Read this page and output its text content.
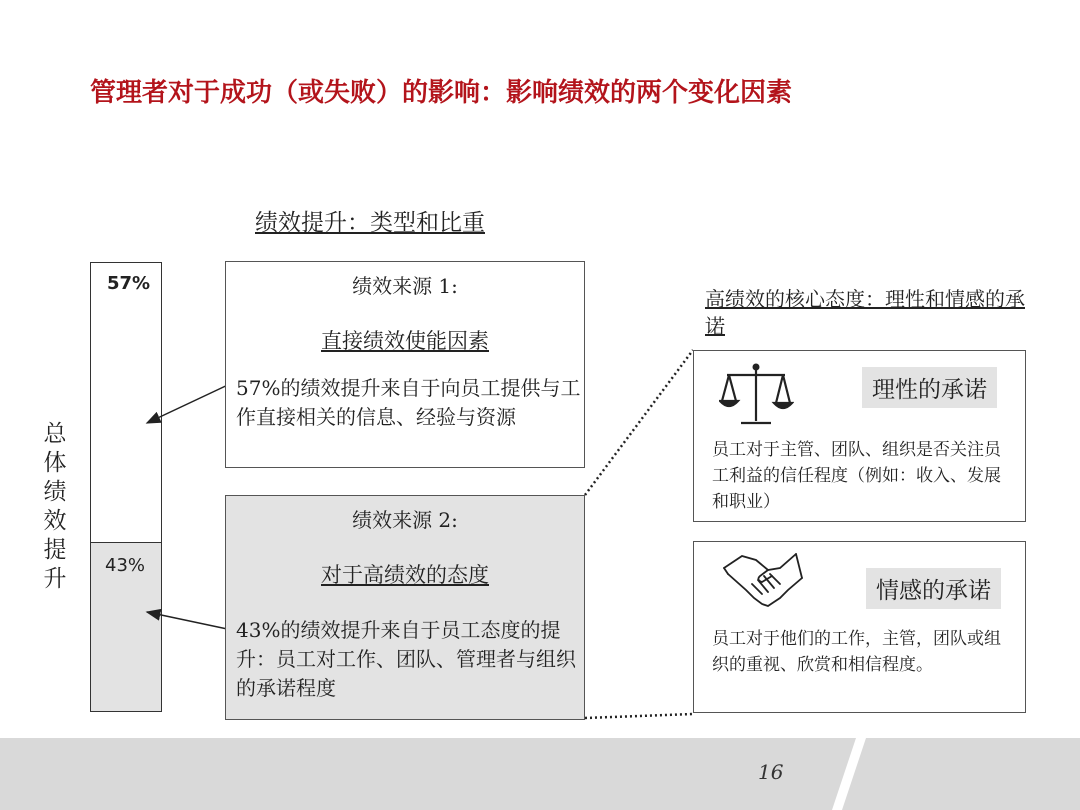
管理者对于成功（或失败）的影响：影响绩效的两个变化因素
绩效提升：类型和比重
总体绩效提升
57%
43%
绩效来源 1:
直接绩效使能因素
57%的绩效提升来自于向员工提供与工作直接相关的信息、经验与资源
绩效来源 2:
对于高绩效的态度
43%的绩效提升来自于员工态度的提升：员工对工作、团队、管理者与组织的承诺程度
高绩效的核心态度：理性和情感的承诺
理性的承诺
员工对于主管、团队、组织是否关注员工利益的信任程度（例如：收入、发展和职业）
情感的承诺
员工对于他们的工作，主管，团队或组织的重视、欣赏和相信程度。
16
